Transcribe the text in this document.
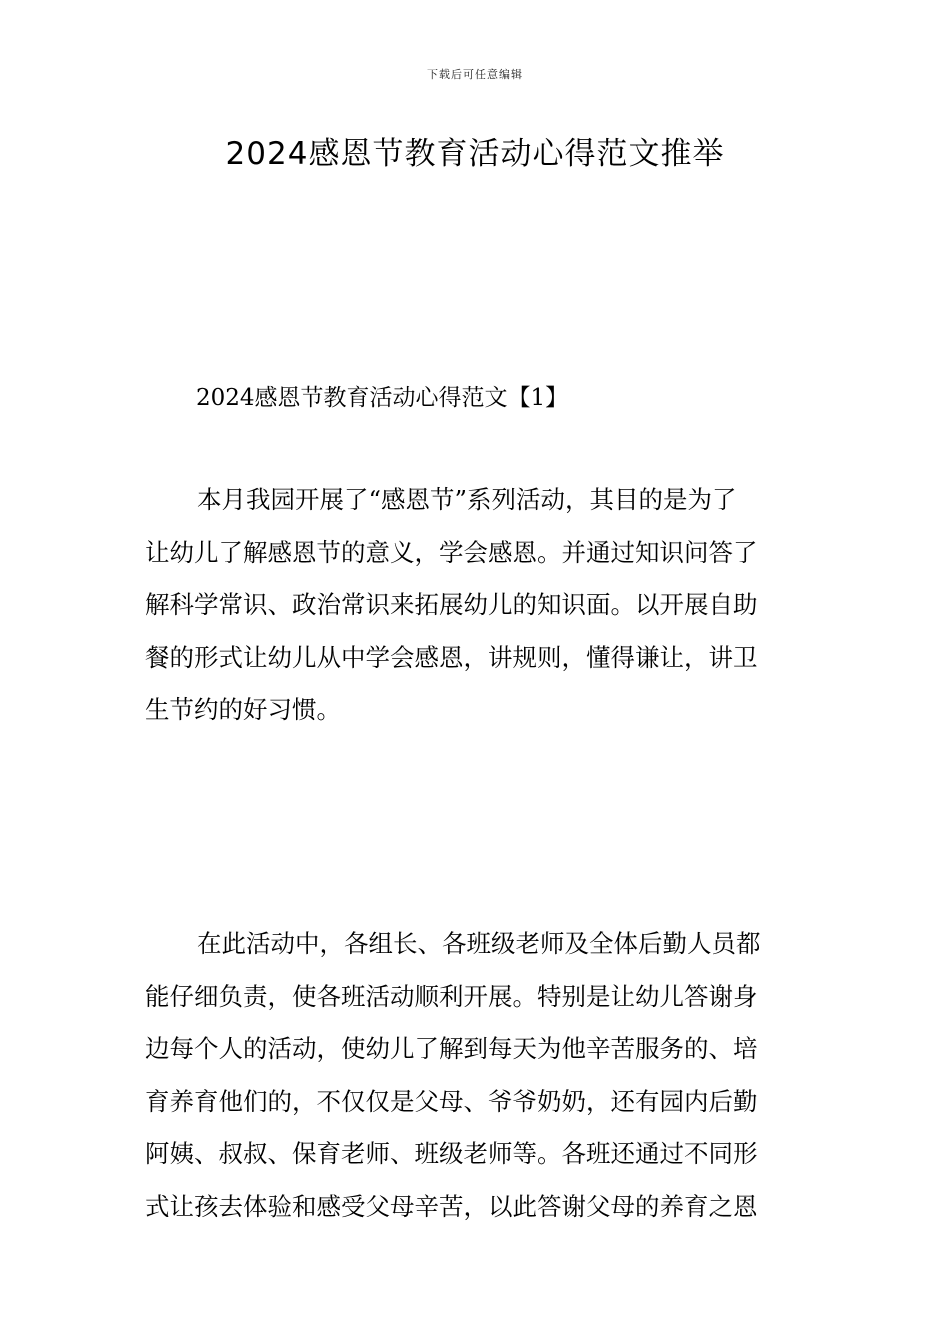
下载后可任意编辑
2024感恩节教育活动心得范文推举
2024感恩节教育活动心得范文【1】
本月我园开展了“感恩节”系列活动，其目的是为了
让幼儿了解感恩节的意义，学会感恩。并通过知识问答了
解科学常识、政治常识来拓展幼儿的知识面。以开展自助
餐的形式让幼儿从中学会感恩，讲规则，懂得谦让，讲卫
生节约的好习惯。
在此活动中，各组长、各班级老师及全体后勤人员都
能仔细负责，使各班活动顺利开展。特别是让幼儿答谢身
边每个人的活动，使幼儿了解到每天为他辛苦服务的、培
育养育他们的，不仅仅是父母、爷爷奶奶，还有园内后勤
阿姨、叔叔、保育老师、班级老师等。各班还通过不同形
式让孩去体验和感受父母辛苦，以此答谢父母的养育之恩
